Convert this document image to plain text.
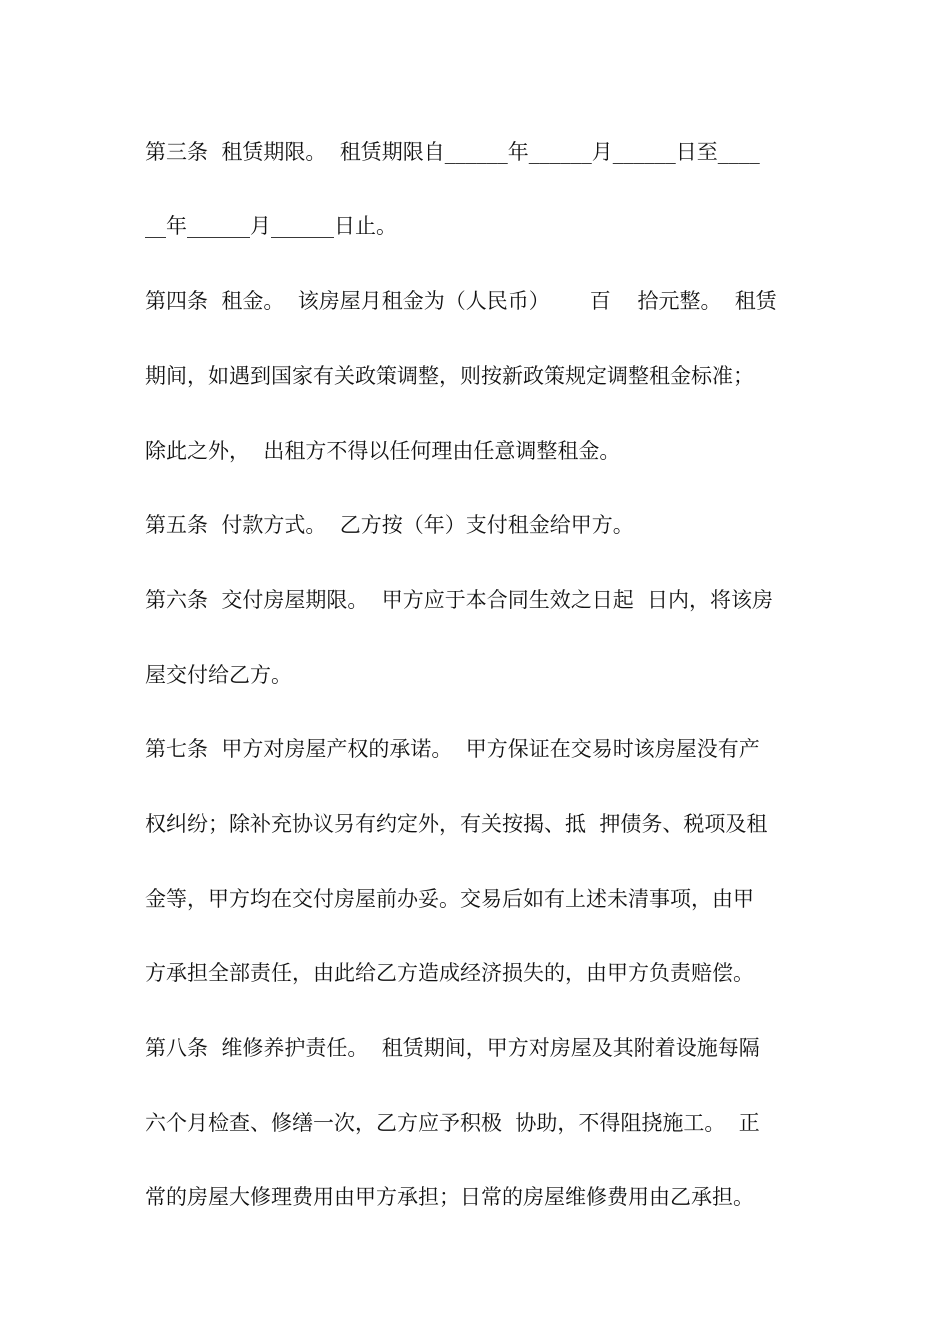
第三条  租赁期限。  租赁期限自______年______月______日至____
__年______月______日止。
第四条  租金。  该房屋月租金为（人民币）      百    拾元整。  租赁
期间，如遇到国家有关政策调整，则按新政策规定调整租金标准；
除此之外，  出租方不得以任何理由任意调整租金。
第五条  付款方式。  乙方按（年）支付租金给甲方。
第六条  交付房屋期限。  甲方应于本合同生效之日起  日内，将该房
屋交付给乙方。
第七条  甲方对房屋产权的承诺。  甲方保证在交易时该房屋没有产
权纠纷；除补充协议另有约定外，有关按揭、抵  押债务、税项及租
金等，甲方均在交付房屋前办妥。交易后如有上述未清事项，由甲
方承担全部责任，由此给乙方造成经济损失的，由甲方负责赔偿。
第八条  维修养护责任。  租赁期间，甲方对房屋及其附着设施每隔
六个月检查、修缮一次，乙方应予积极  协助，不得阻挠施工。  正
常的房屋大修理费用由甲方承担；日常的房屋维修费用由乙承担。
